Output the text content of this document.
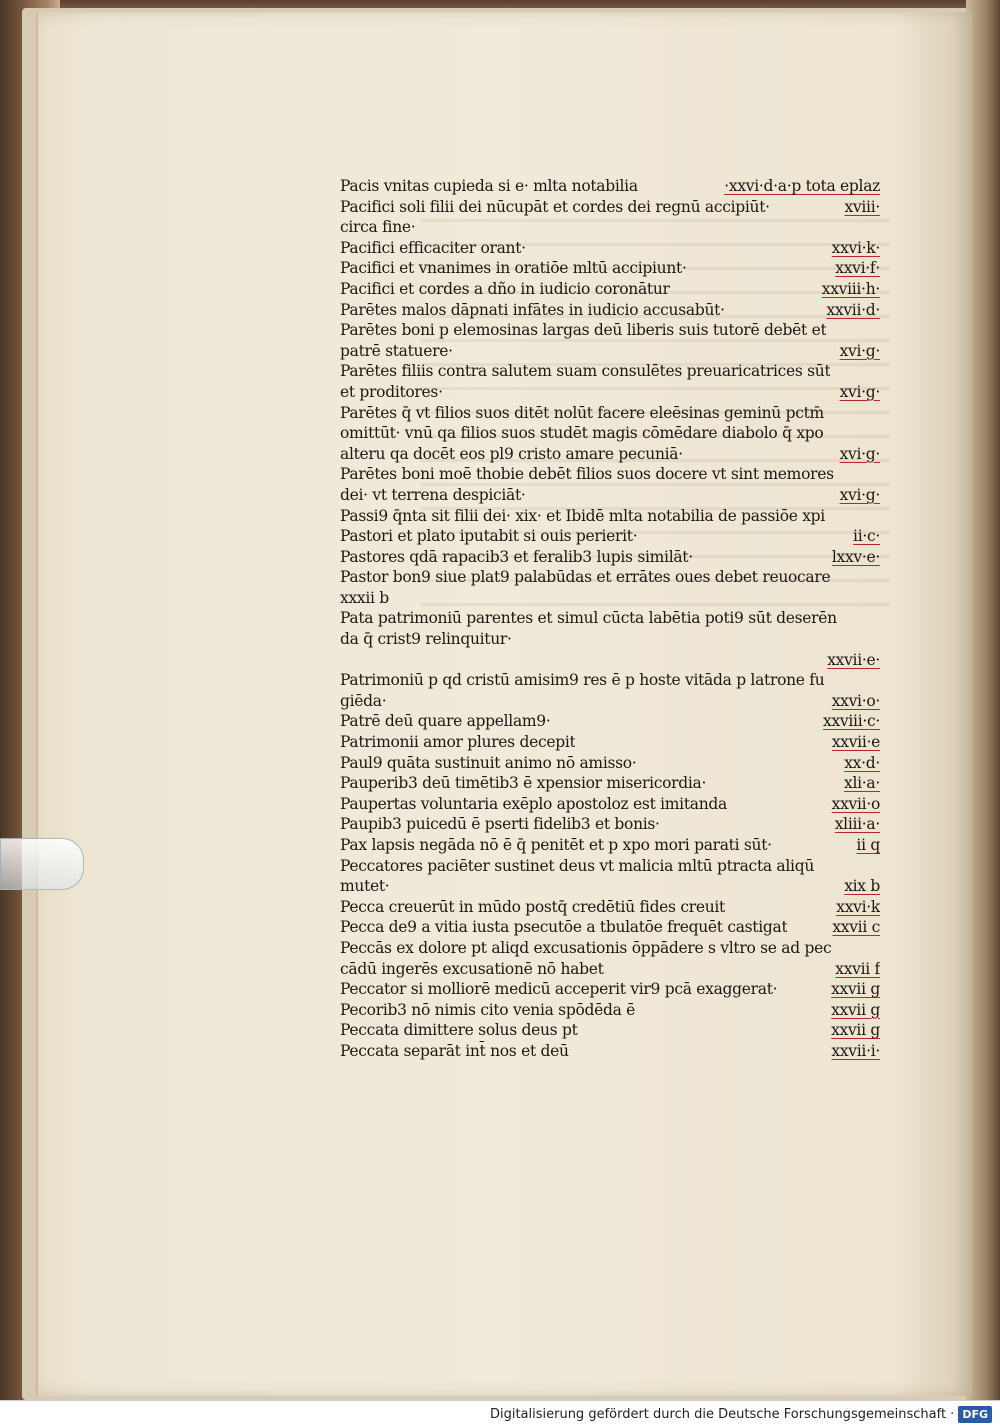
Pacis vnitas cupieda si e· mlta notabilia	·xxvi·d·a·p tota eplaz
Pacifici soli filii dei nūcupāt et cordes dei regnū accipiūt·	xviii·
circa fine·
Pacifici efficaciter orant·	xxvi·k·
Pacifici et vnanimes in oratiōe mltū accipiunt·	xxvi·f·
Pacifici et cordes a dño in iudicio coronātur	xxviii·h·
Parētes malos dāpnati infātes in iudicio accusabūt·	xxvii·d·
Parētes boni p elemosinas largas deū liberis suis tutorē debēt et
patrē statuere·	xvi·g·
Parētes filiis contra salutem suam consulētes preuaricatrices sūt
et proditores·	xvi·g·
Parētes q̄ vt filios suos ditēt nolūt facere eleēsinas geminū pctm̄
omittūt· vnū qa filios suos studēt magis cōmēdare diabolo q̄ xpo
alteru qa docēt eos pl9 cristo amare pecuniā·	xvi·g·
Parētes boni moē thobie debēt filios suos docere vt sint memores
dei· vt terrena despiciāt·	xvi·g·
Passi9 q̄nta sit filii dei· xix· et Ibidē mlta notabilia de passiōe xpi
Pastori et plato iputabit si ouis perierit·	ii·c·
Pastores qdā rapacib3 et feralib3 lupis similāt·	lxxv·e·
Pastor bon9 siue plat9 palabūdas et errātes oues debet reuocare
xxxii b
Pata patrimoniū parentes et simul cūcta labētia poti9 sūt deserēn
da q̄ crist9 relinquitur·
xxvii·e·
Patrimoniū p qd cristū amisim9 res ē p hoste vitāda p latrone fu
giēda·	xxvi·o·
Patrē deū quare appellam9·	xxviii·c·
Patrimonii amor plures decepit	xxvii·e
Paul9 quāta sustinuit animo nō amisso·	xx·d·
Pauperib3 deū timētib3 ē xpensior misericordia·	xli·a·
Paupertas voluntaria exēplo apostoloz est imitanda	xxvii·o
Paupib3 puicedū ē pserti fidelib3 et bonis·	xliii·a·
Pax lapsis negāda nō ē q̄ penitēt et p xpo mori parati sūt·	ii q
Peccatores paciēter sustinet deus vt malicia mltū ptracta aliqū
mutet·	xix b
Pecca creuerūt in mūdo postq̄ credētiū fides creuit	xxvi·k
Pecca de9 a vitia iusta psecutōe a tbulatōe frequēt castigat	xxvii c
Peccās ex dolore pt aliqd excusationis ōppādere s vltro se ad pec
cādū ingerēs excusationē nō habet	xxvii f
Peccator si molliorē medicū acceperit vir9 pcā exaggerat·	xxvii g
Pecorib3 nō nimis cito venia spōdēda ē	xxvii g
Peccata dimittere solus deus pt	xxvii g
Peccata separāt int̄ nos et deū	xxvii·i·
Digitalisierung gefördert durch die Deutsche Forschungsgemeinschaft · DFG
